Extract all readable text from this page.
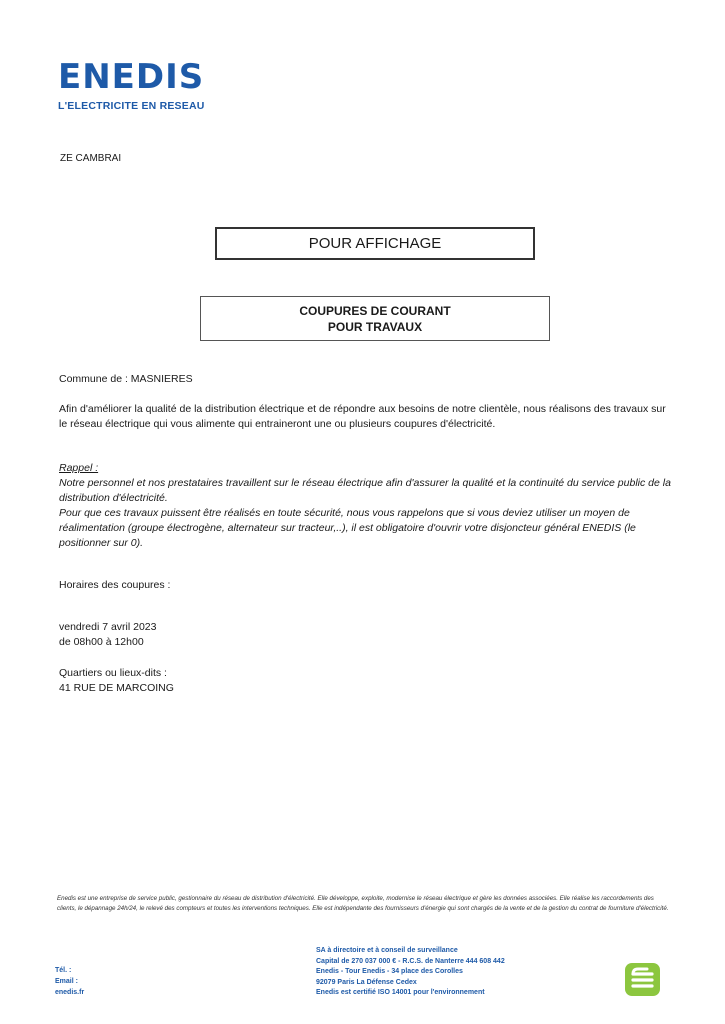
ENEDIS
L'ELECTRICITE EN RESEAU
ZE CAMBRAI
POUR AFFICHAGE
COUPURES DE COURANT
POUR TRAVAUX
Commune de : MASNIERES
Afin d'améliorer la qualité de la distribution électrique et de répondre aux besoins de notre clientèle, nous réalisons des travaux sur le réseau électrique qui vous alimente qui entraineront une ou plusieurs coupures d'électricité.
Rappel :
Notre personnel et nos prestataires travaillent sur le réseau électrique afin d'assurer la qualité et la continuité du service public de la distribution d'électricité.
Pour que ces travaux puissent être réalisés en toute sécurité, nous vous rappelons que si vous deviez utiliser un moyen de réalimentation (groupe électrogène, alternateur sur tracteur,..), il est obligatoire d'ouvrir votre disjoncteur général ENEDIS (le positionner sur 0).
Horaires des coupures :
vendredi 7 avril 2023
de 08h00 à 12h00
Quartiers ou lieux-dits :
41 RUE DE MARCOING
Enedis est une entreprise de service public, gestionnaire du réseau de distribution d'électricité. Elle développe, exploite, modernise le réseau électrique et gère les données associées. Elle réalise les raccordements des clients, le dépannage 24h/24, le relevé des compteurs et toutes les interventions techniques. Elle est indépendante des fournisseurs d'énergie qui sont chargés de la vente et de la gestion du contrat de fourniture d'électricité.
Tél. :
Email :
enedis.fr
SA à directoire et à conseil de surveillance
Capital de 270 037 000 € - R.C.S. de Nanterre 444 608 442
Enedis - Tour Enedis - 34 place des Corolles
92079 Paris La Défense Cedex
Enedis est certifié ISO 14001 pour l'environnement
